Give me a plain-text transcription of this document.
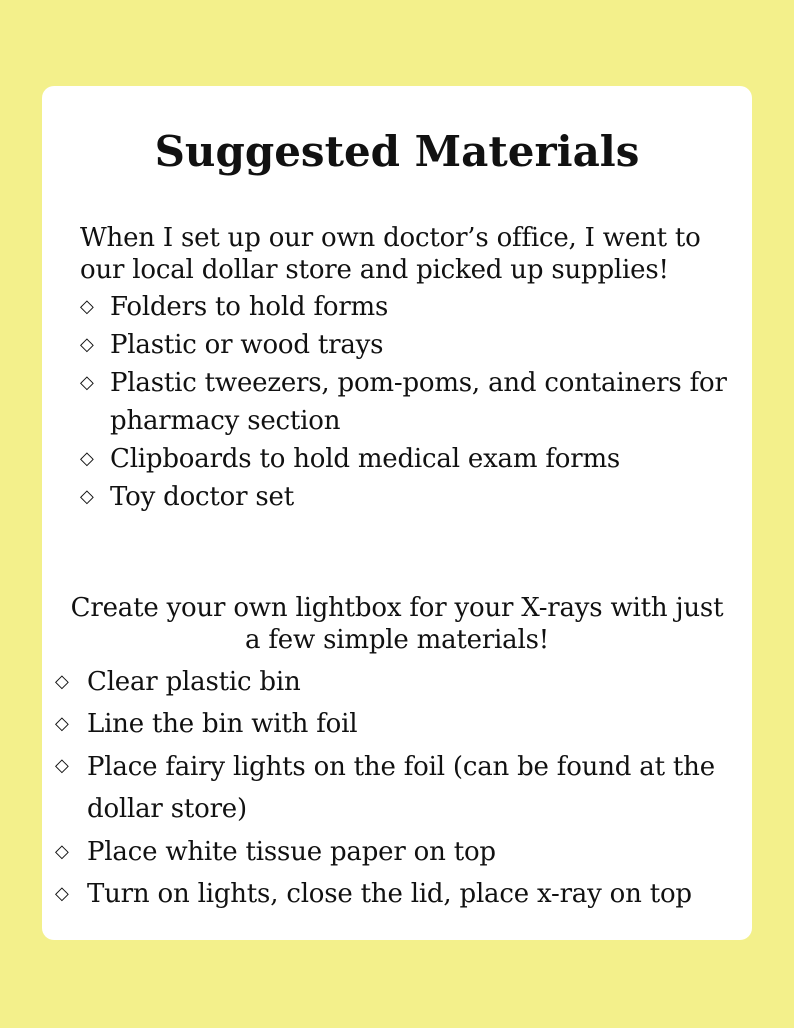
Suggested Materials

When I set up our own doctor’s office, I went to our local dollar store and picked up supplies!

◇ Folders to hold forms
◇ Plastic or wood trays
◇ Plastic tweezers, pom-poms, and containers for pharmacy section
◇ Clipboards to hold medical exam forms
◇ Toy doctor set

Create your own lightbox for your X-rays with just a few simple materials!

◇ Clear plastic bin
◇ Line the bin with foil
◇ Place fairy lights on the foil (can be found at the dollar store)
◇ Place white tissue paper on top
◇ Turn on lights, close the lid, place x-ray on top
